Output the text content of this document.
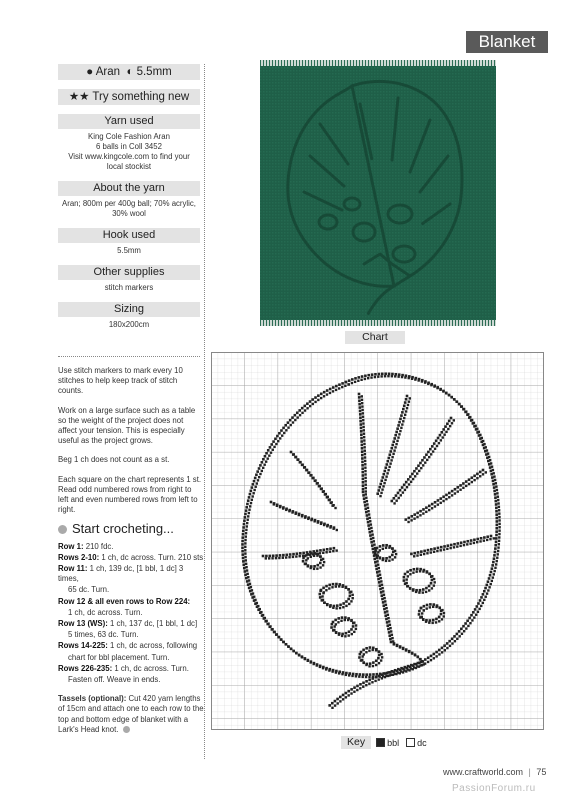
Blanket
● Aran ◐ 5.5mm
★★ Try something new
Yarn used
King Cole Fashion Aran
6 balls in Coll 3452
Visit www.kingcole.com to find your
local stockist
About the yarn
Aran; 800m per 400g ball; 70% acrylic,
30% wool
Hook used
5.5mm
Other supplies
stitch markers
Sizing
180x200cm

Use stitch markers to mark every 10 stitches to help keep track of stitch counts.

Work on a large surface such as a table so the weight of the project does not affect your tension. This is especially useful as the project grows.

Beg 1 ch does not count as a st.

Each square on the chart represents 1 st. Read odd numbered rows from right to left and even numbered rows from left to right.

Start crocheting...
Row 1: 210 fdc.
Rows 2-10: 1 ch, dc across. Turn. 210 sts
Row 11: 1 ch, 139 dc, [1 bbl, 1 dc] 3 times,
65 dc. Turn.
Row 12 & all even rows to Row 224:
1 ch, dc across. Turn.
Row 13 (WS): 1 ch, 137 dc, [1 bbl, 1 dc]
5 times, 63 dc. Turn.
Rows 14-225: 1 ch, dc across, following
chart for bbl placement. Turn.
Rows 226-235: 1 ch, dc across. Turn.
Fasten off. Weave in ends.

Tassels (optional): Cut 420 yarn lengths of 15cm and attach one to each row to the top and bottom edge of blanket with a Lark's Head knot.

Chart
Key	bbl dc
www.craftworld.com | 75
PassionForum.ru
